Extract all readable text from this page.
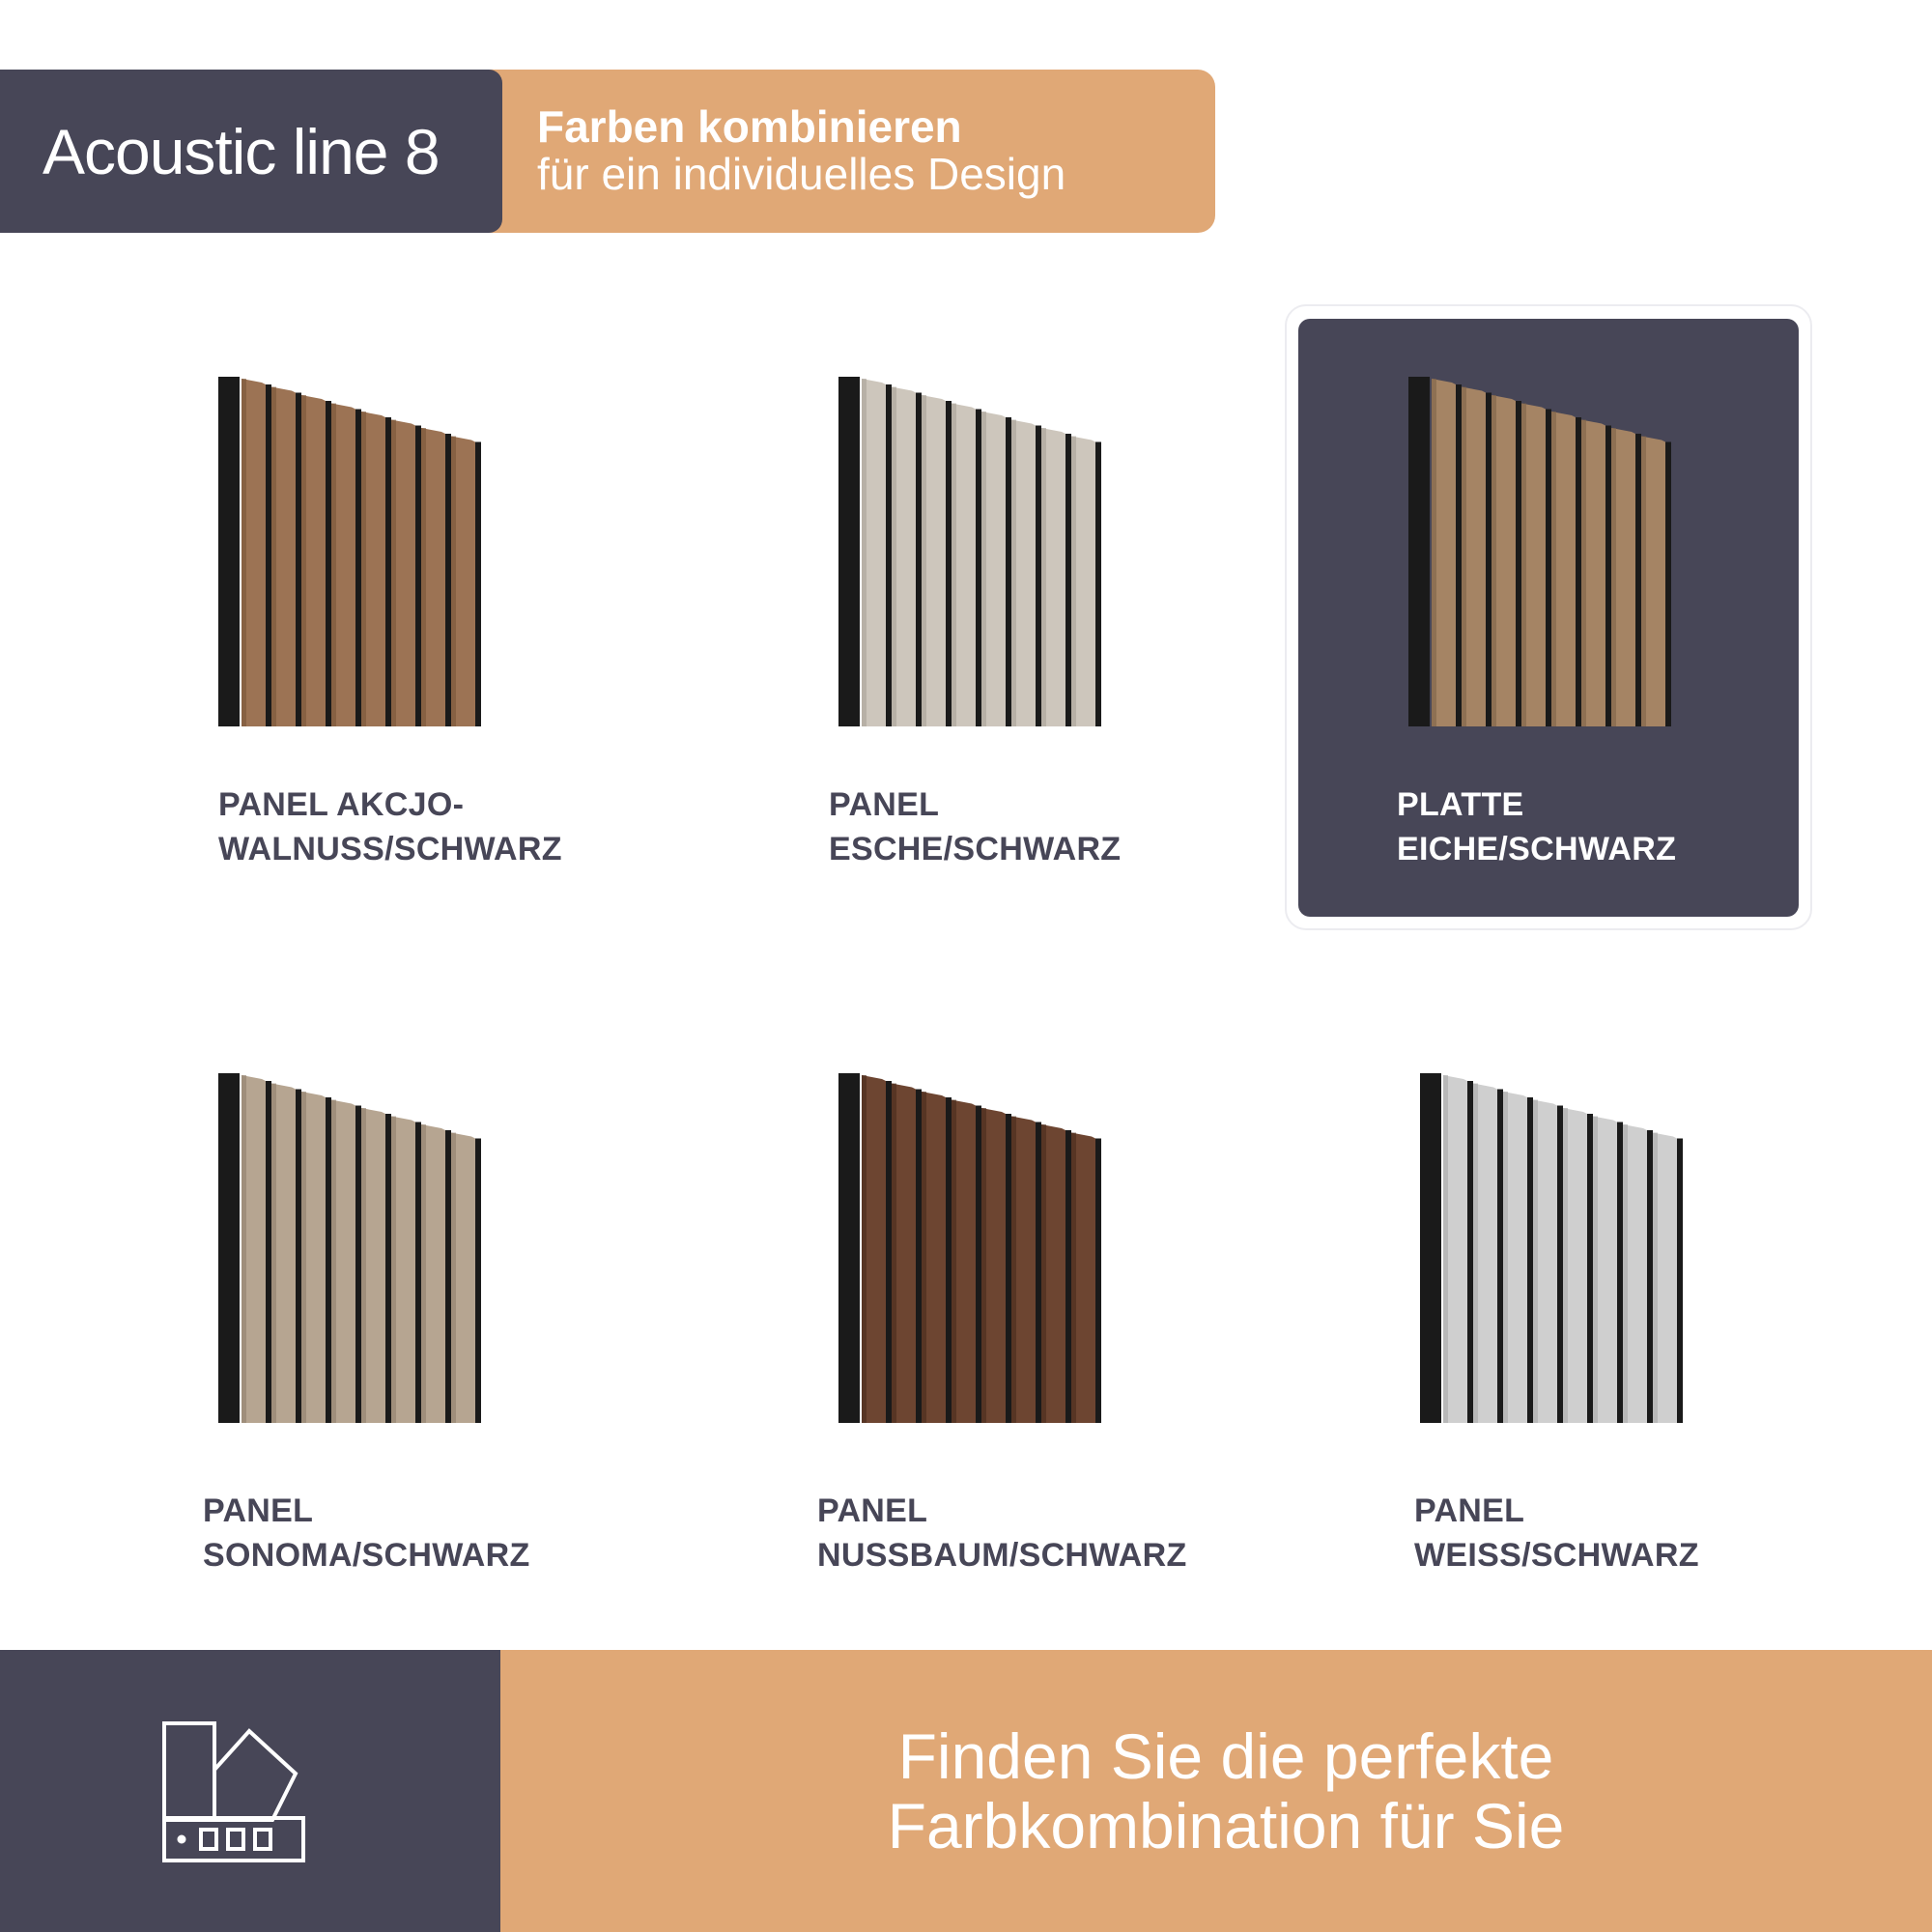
Acoustic line 8 Farben kombinieren
für ein individuelles Design
PANEL AKCJO-
WALNUSS/SCHWARZ
PANEL
ESCHE/SCHWARZ
PLATTE
EICHE/SCHWARZ
PANEL
SONOMA/SCHWARZ
PANEL
NUSSBAUM/SCHWARZ
PANEL
WEISS/SCHWARZ
Finden Sie die perfekte
Farbkombination für Sie
